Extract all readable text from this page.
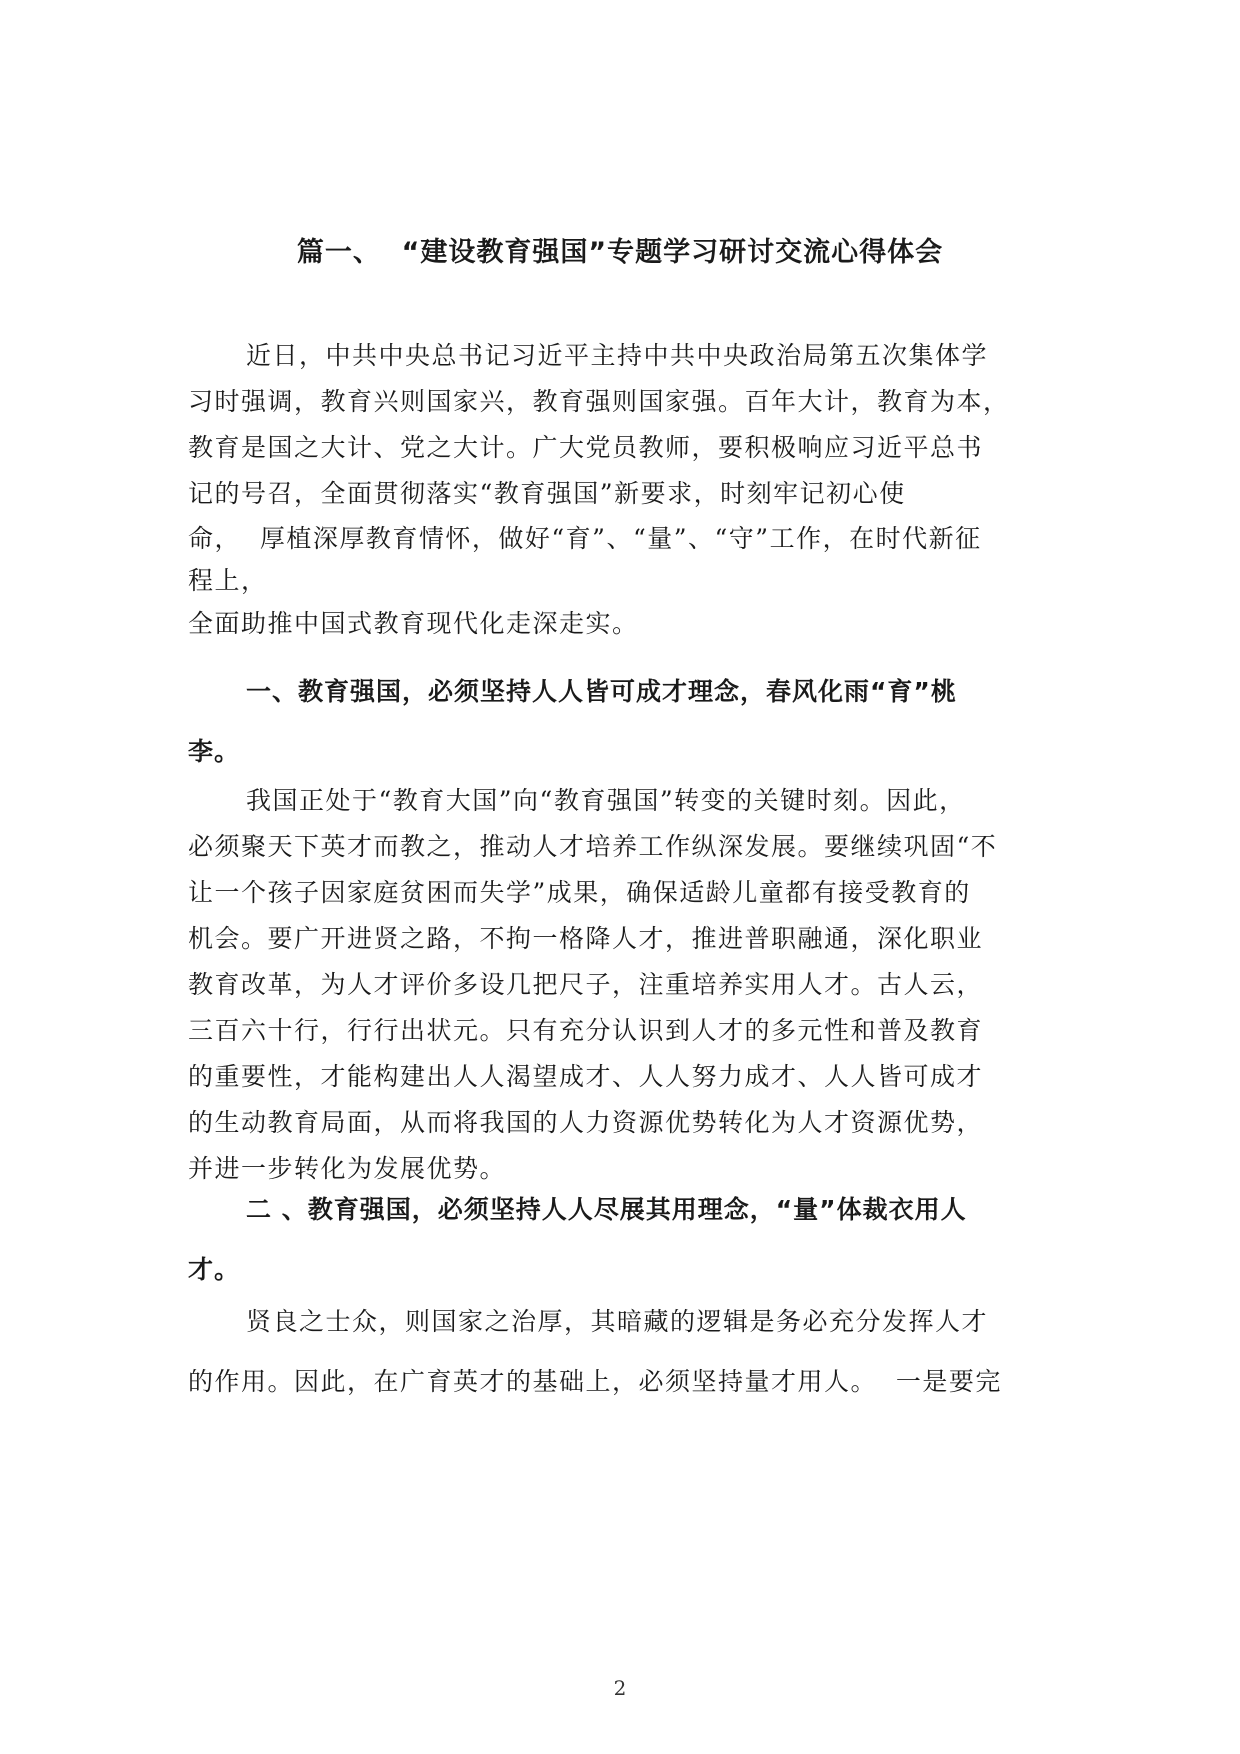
篇一、  “建设教育强国”专题学习研讨交流心得体会
近日，中共中央总书记习近平主持中共中央政治局第五次集体学
习时强调，教育兴则国家兴，教育强则国家强。百年大计，教育为本，
教育是国之大计、党之大计。广大党员教师，要积极响应习近平总书
记的号召，全面贯彻落实“教育强国”新要求，时刻牢记初心使
命，  厚植深厚教育情怀，做好“育”、“量”、“守”工作，在时代新征
程上，
全面助推中国式教育现代化走深走实。
一、教育强国，必须坚持人人皆可成才理念，春风化雨“育”桃
李。
我国正处于“教育大国”向“教育强国”转变的关键时刻。因此，
必须聚天下英才而教之，推动人才培养工作纵深发展。要继续巩固“不
让一个孩子因家庭贫困而失学”成果，确保适龄儿童都有接受教育的
机会。要广开进贤之路，不拘一格降人才，推进普职融通，深化职业
教育改革，为人才评价多设几把尺子，注重培养实用人才。古人云，
三百六十行，行行出状元。只有充分认识到人才的多元性和普及教育
的重要性，才能构建出人人渴望成才、人人努力成才、人人皆可成才
的生动教育局面，从而将我国的人力资源优势转化为人才资源优势，
并进一步转化为发展优势。
二 、教育强国，必须坚持人人尽展其用理念，“量”体裁衣用人
才。
贤良之士众，则国家之治厚，其暗藏的逻辑是务必充分发挥人才
的作用。因此，在广育英才的基础上，必须坚持量才用人。  一是要完
2
